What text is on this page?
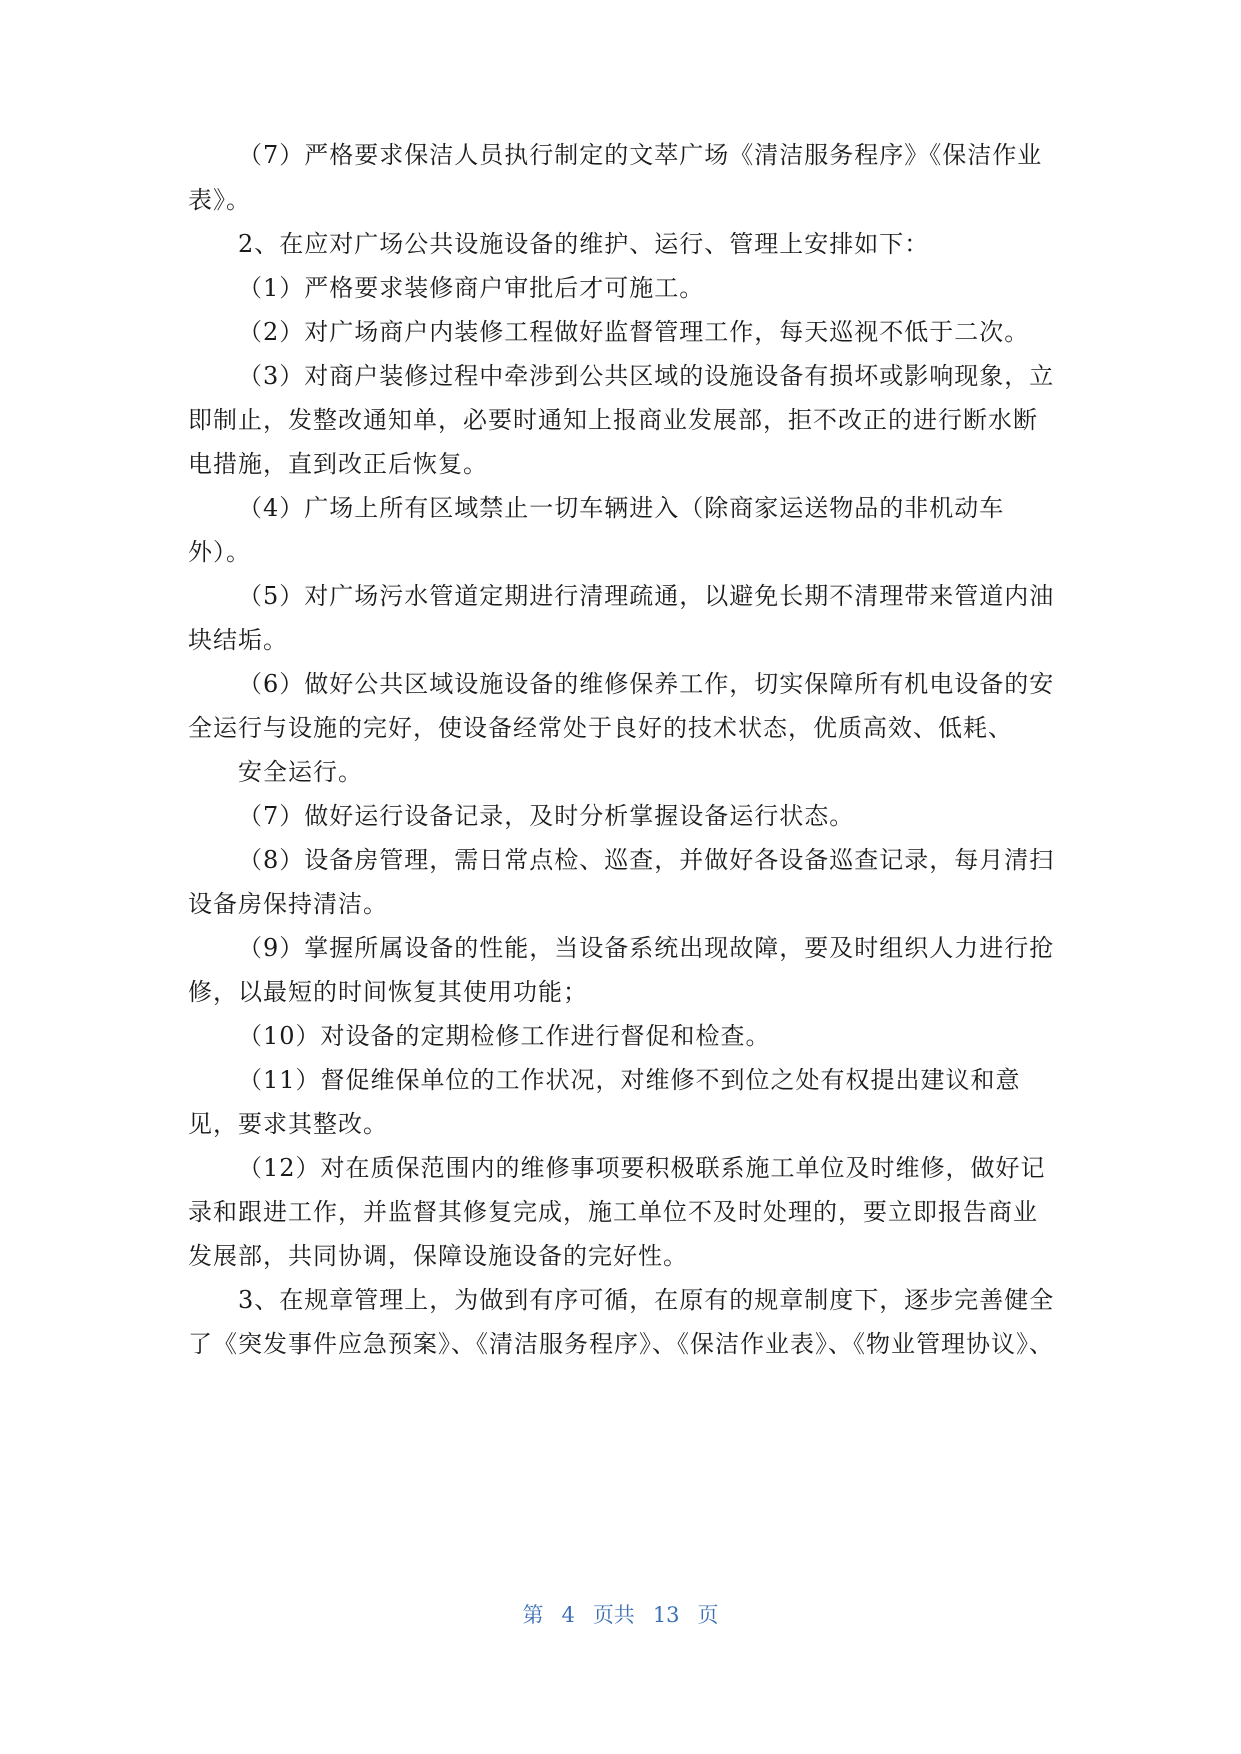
（7）严格要求保洁人员执行制定的文萃广场《清洁服务程序》《保洁作业
表》。
2、在应对广场公共设施设备的维护、运行、管理上安排如下：
（1）严格要求装修商户审批后才可施工。
（2）对广场商户内装修工程做好监督管理工作，每天巡视不低于二次。
（3）对商户装修过程中牵涉到公共区域的设施设备有损坏或影响现象，立
即制止，发整改通知单，必要时通知上报商业发展部，拒不改正的进行断水断
电措施，直到改正后恢复。
（4）广场上所有区域禁止一切车辆进入（除商家运送物品的非机动车
外）。
（5）对广场污水管道定期进行清理疏通，以避免长期不清理带来管道内油
块结垢。
（6）做好公共区域设施设备的维修保养工作，切实保障所有机电设备的安
全运行与设施的完好，使设备经常处于良好的技术状态，优质高效、低耗、
安全运行。
（7）做好运行设备记录，及时分析掌握设备运行状态。
（8）设备房管理，需日常点检、巡查，并做好各设备巡查记录，每月清扫
设备房保持清洁。
（9）掌握所属设备的性能，当设备系统出现故障，要及时组织人力进行抢
修，以最短的时间恢复其使用功能；
（10）对设备的定期检修工作进行督促和检查。
（11）督促维保单位的工作状况，对维修不到位之处有权提出建议和意
见，要求其整改。
（12）对在质保范围内的维修事项要积极联系施工单位及时维修，做好记
录和跟进工作，并监督其修复完成，施工单位不及时处理的，要立即报告商业
发展部，共同协调，保障设施设备的完好性。
3、在规章管理上，为做到有序可循，在原有的规章制度下，逐步完善健全
了《突发事件应急预案》、《清洁服务程序》、《保洁作业表》、《物业管理协议》、
第 4 页共 13 页
